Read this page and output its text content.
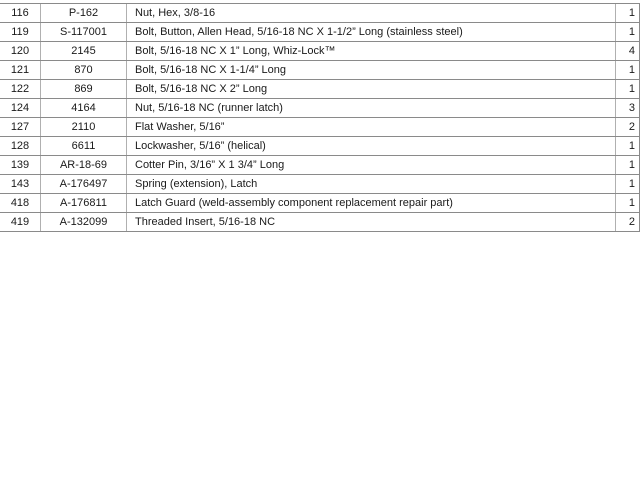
116	P-162	Nut, Hex, 3/8-16	1
119	S-117001	Bolt, Button, Allen Head, 5/16-18 NC X 1-1/2” Long (stainless steel)	1
120	2145	Bolt, 5/16-18 NC X 1” Long, Whiz-Lock™	4
121	870	Bolt, 5/16-18 NC X 1-1/4” Long	1
122	869	Bolt, 5/16-18 NC X 2” Long	1
124	4164	Nut, 5/16-18 NC (runner latch)	3
127	2110	Flat Washer, 5/16”	2
128	6611	Lockwasher, 5/16” (helical)	1
139	AR-18-69	Cotter Pin, 3/16” X 1 3/4” Long	1
143	A-176497	Spring (extension), Latch	1
418	A-176811	Latch Guard (weld-assembly component replacement repair part)	1
419	A-132099	Threaded Insert, 5/16-18 NC	2
